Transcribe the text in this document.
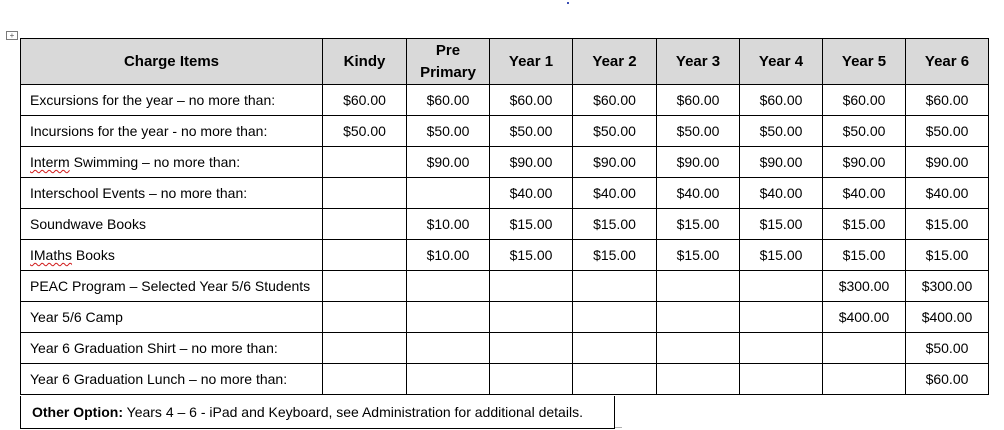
+
Charge Items	Kindy	Pre Primary	Year 1	Year 2	Year 3	Year 4	Year 5	Year 6
Excursions for the year – no more than:	$60.00	$60.00	$60.00	$60.00	$60.00	$60.00	$60.00	$60.00
Incursions for the year - no more than:	$50.00	$50.00	$50.00	$50.00	$50.00	$50.00	$50.00	$50.00
Interm Swimming – no more than:		$90.00	$90.00	$90.00	$90.00	$90.00	$90.00	$90.00
Interschool Events – no more than:			$40.00	$40.00	$40.00	$40.00	$40.00	$40.00
Soundwave Books		$10.00	$15.00	$15.00	$15.00	$15.00	$15.00	$15.00
IMaths Books		$10.00	$15.00	$15.00	$15.00	$15.00	$15.00	$15.00
PEAC Program – Selected Year 5/6 Students							$300.00	$300.00
Year 5/6 Camp							$400.00	$400.00
Year 6 Graduation Shirt – no more than:								$50.00
Year 6 Graduation Lunch – no more than:								$60.00
Other Option: Years 4 – 6 - iPad and Keyboard, see Administration for additional details.
